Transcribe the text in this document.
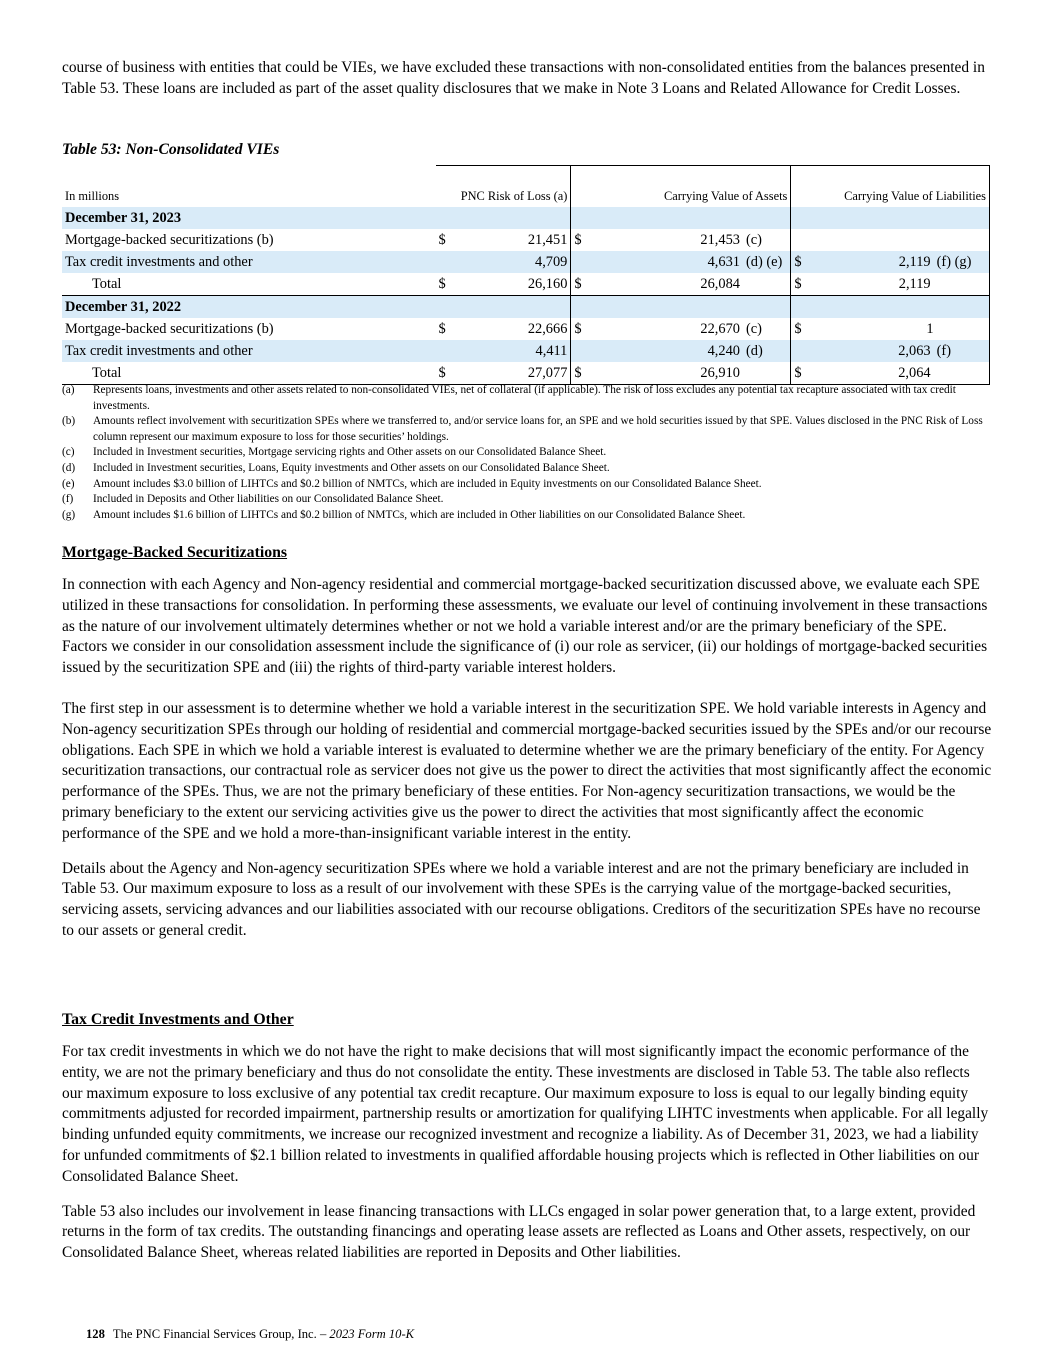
course of business with entities that could be VIEs, we have excluded these transactions with non-consolidated entities from the balances presented in Table 53. These loans are included as part of the asset quality disclosures that we make in Note 3 Loans and Related Allowance for Credit Losses.

Table 53: Non-Consolidated VIEs

In millions	PNC Risk of Loss (a)		Carrying Value of Assets				Carrying Value of Liabilities		
December 31, 2023									
Mortgage-backed securitizations (b)	$	21,451	$		21,453	(c)			
Tax credit investments and other		4,709			4,631	(d) (e)	$	2,119	(f) (g)
Total	$	26,160	$		26,084		$	2,119	
December 31, 2022									
Mortgage-backed securitizations (b)	$	22,666	$		22,670	(c)	$	1	
Tax credit investments and other		4,411			4,240	(d)		2,063	(f)
Total	$	27,077	$		26,910		$	2,064	
(a)	Represents loans, investments and other assets related to non-consolidated VIEs, net of collateral (if applicable). The risk of loss excludes any potential tax recapture associated with tax credit investments.
(b)	Amounts reflect involvement with securitization SPEs where we transferred to, and/or service loans for, an SPE and we hold securities issued by that SPE. Values disclosed in the PNC Risk of Loss column represent our maximum exposure to loss for those securities’ holdings.
(c)	Included in Investment securities, Mortgage servicing rights and Other assets on our Consolidated Balance Sheet.
(d)	Included in Investment securities, Loans, Equity investments and Other assets on our Consolidated Balance Sheet.
(e)	Amount includes $3.0 billion of LIHTCs and $0.2 billion of NMTCs, which are included in Equity investments on our Consolidated Balance Sheet.
(f)	Included in Deposits and Other liabilities on our Consolidated Balance Sheet.
(g)	Amount includes $1.6 billion of LIHTCs and $0.2 billion of NMTCs, which are included in Other liabilities on our Consolidated Balance Sheet.
Mortgage-Backed Securitizations

In connection with each Agency and Non-agency residential and commercial mortgage-backed securitization discussed above, we evaluate each SPE utilized in these transactions for consolidation. In performing these assessments, we evaluate our level of continuing involvement in these transactions as the nature of our involvement ultimately determines whether or not we hold a variable interest and/or are the primary beneficiary of the SPE. Factors we consider in our consolidation assessment include the significance of (i) our role as servicer, (ii) our holdings of mortgage-backed securities issued by the securitization SPE and (iii) the rights of third-party variable interest holders.

The first step in our assessment is to determine whether we hold a variable interest in the securitization SPE. We hold variable interests in Agency and Non-agency securitization SPEs through our holding of residential and commercial mortgage-backed securities issued by the SPEs and/or our recourse obligations. Each SPE in which we hold a variable interest is evaluated to determine whether we are the primary beneficiary of the entity. For Agency securitization transactions, our contractual role as servicer does not give us the power to direct the activities that most significantly affect the economic performance of the SPEs. Thus, we are not the primary beneficiary of these entities. For Non-agency securitization transactions, we would be the primary beneficiary to the extent our servicing activities give us the power to direct the activities that most significantly affect the economic performance of the SPE and we hold a more-than-insignificant variable interest in the entity.

Details about the Agency and Non-agency securitization SPEs where we hold a variable interest and are not the primary beneficiary are included in Table 53. Our maximum exposure to loss as a result of our involvement with these SPEs is the carrying value of the mortgage-backed securities, servicing assets, servicing advances and our liabilities associated with our recourse obligations. Creditors of the securitization SPEs have no recourse to our assets or general credit.

Tax Credit Investments and Other

For tax credit investments in which we do not have the right to make decisions that will most significantly impact the economic performance of the entity, we are not the primary beneficiary and thus do not consolidate the entity. These investments are disclosed in Table 53. The table also reflects our maximum exposure to loss exclusive of any potential tax credit recapture. Our maximum exposure to loss is equal to our legally binding equity commitments adjusted for recorded impairment, partnership results or amortization for qualifying LIHTC investments when applicable. For all legally binding unfunded equity commitments, we increase our recognized investment and recognize a liability. As of December 31, 2023, we had a liability for unfunded commitments of $2.1 billion related to investments in qualified affordable housing projects which is reflected in Other liabilities on our Consolidated Balance Sheet.

Table 53 also includes our involvement in lease financing transactions with LLCs engaged in solar power generation that, to a large extent, provided returns in the form of tax credits. The outstanding financings and operating lease assets are reflected as Loans and Other assets, respectively, on our Consolidated Balance Sheet, whereas related liabilities are reported in Deposits and Other liabilities.

128 The PNC Financial Services Group, Inc. – 2023 Form 10-K
